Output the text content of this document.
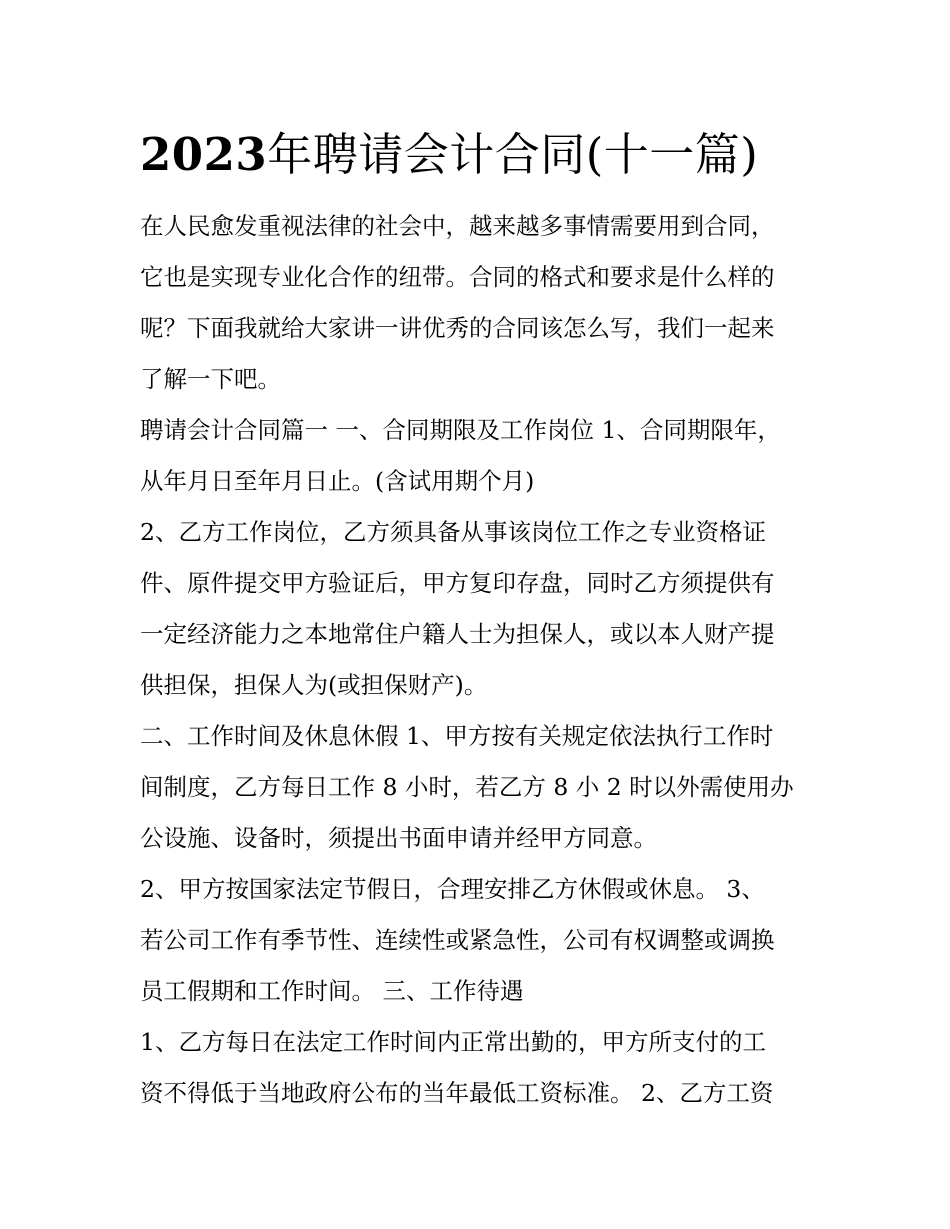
2023年聘请会计合同(十一篇)

在人民愈发重视法律的社会中，越来越多事情需要用到合同，
它也是实现专业化合作的纽带。合同的格式和要求是什么样的
呢？下面我就给大家讲一讲优秀的合同该怎么写，我们一起来
了解一下吧。

聘请会计合同篇一 一、合同期限及工作岗位 1、合同期限年，
从年月日至年月日止。(含试用期个月)

2、乙方工作岗位，乙方须具备从事该岗位工作之专业资格证
件、原件提交甲方验证后，甲方复印存盘，同时乙方须提供有
一定经济能力之本地常住户籍人士为担保人，或以本人财产提
供担保，担保人为(或担保财产)。

二、工作时间及休息休假 1、甲方按有关规定依法执行工作时
间制度，乙方每日工作 8 小时，若乙方 8 小 2 时以外需使用办
公设施、设备时，须提出书面申请并经甲方同意。

2、甲方按国家法定节假日，合理安排乙方休假或休息。 3、
若公司工作有季节性、连续性或紧急性，公司有权调整或调换
员工假期和工作时间。 三、工作待遇

1、乙方每日在法定工作时间内正常出勤的，甲方所支付的工
资不得低于当地政府公布的当年最低工资标准。 2、乙方工资
